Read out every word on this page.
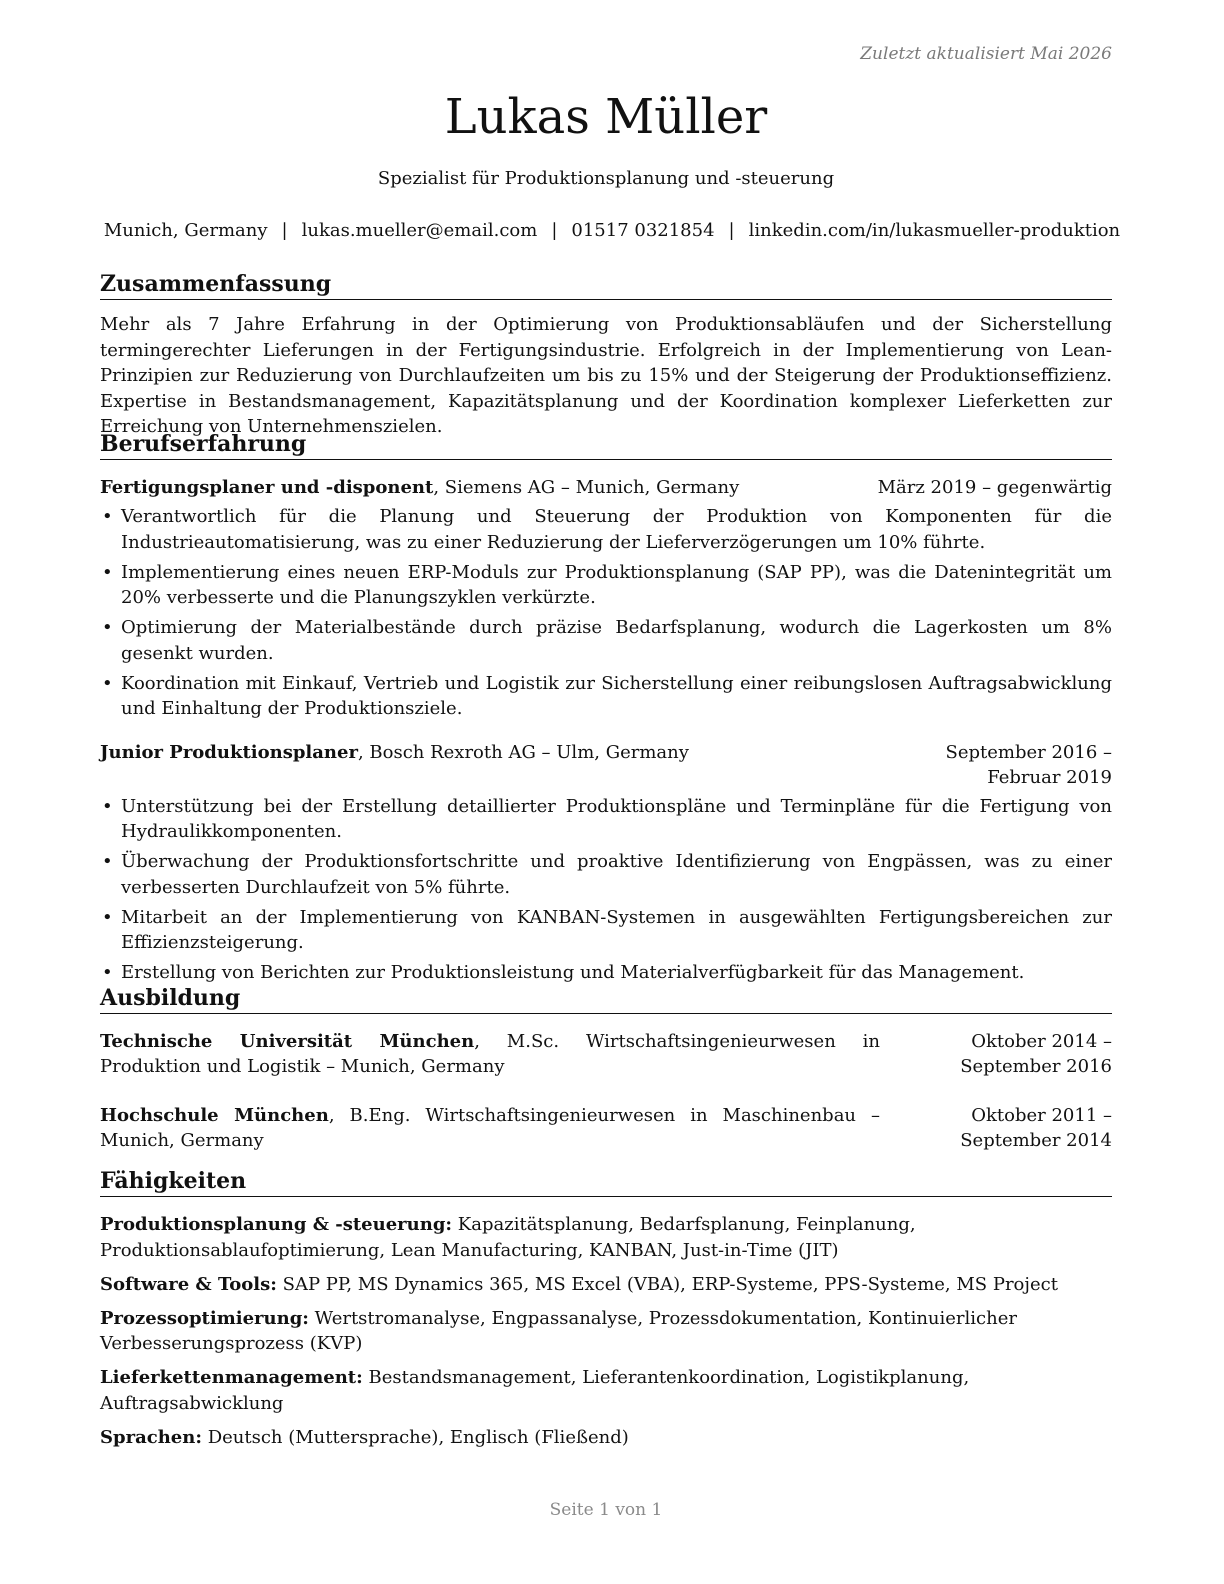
Zuletzt aktualisiert Mai 2026
Lukas Müller
Spezialist für Produktionsplanung und -steuerung
Munich, Germany | lukas.mueller@email.com | 01517 0321854 | linkedin.com/in/lukasmueller-produktion
Zusammenfassung

Mehr als 7 Jahre Erfahrung in der Optimierung von Produktionsabläufen und der Sicherstellung termingerechter Lieferungen in der Fertigungsindustrie. Erfolgreich in der Implementierung von Lean-Prinzipien zur Reduzierung von Durchlaufzeiten um bis zu 15% und der Steigerung der Produktionseffizienz. Expertise in Bestandsmanagement, Kapazitätsplanung und der Koordination komplexer Lieferketten zur Erreichung von Unternehmenszielen.

Berufserfahrung
Fertigungsplaner und -disponent, Siemens AG – Munich, Germany	März 2019 – gegenwärtig
• Verantwortlich für die Planung und Steuerung der Produktion von Komponenten für die Industrieautomatisierung, was zu einer Reduzierung der Lieferverzögerungen um 10% führte.
• Implementierung eines neuen ERP-Moduls zur Produktionsplanung (SAP PP), was die Datenintegrität um 20% verbesserte und die Planungszyklen verkürzte.
• Optimierung der Materialbestände durch präzise Bedarfsplanung, wodurch die Lagerkosten um 8% gesenkt wurden.
• Koordination mit Einkauf, Vertrieb und Logistik zur Sicherstellung einer reibungslosen Auftragsabwicklung und Einhaltung der Produktionsziele.
Junior Produktionsplaner, Bosch Rexroth AG – Ulm, Germany	September 2016 – Februar 2019
• Unterstützung bei der Erstellung detaillierter Produktionspläne und Terminpläne für die Fertigung von Hydraulikkomponenten.
• Überwachung der Produktionsfortschritte und proaktive Identifizierung von Engpässen, was zu einer verbesserten Durchlaufzeit von 5% führte.
• Mitarbeit an der Implementierung von KANBAN-Systemen in ausgewählten Fertigungsbereichen zur Effizienzsteigerung.
• Erstellung von Berichten zur Produktionsleistung und Materialverfügbarkeit für das Management.
Ausbildung
Technische Universität München, M.Sc. Wirtschaftsingenieurwesen in Produktion und Logistik – Munich, Germany
Oktober 2014 – September 2016
Hochschule München, B.Eng. Wirtschaftsingenieurwesen in Maschinenbau – Munich, Germany
Oktober 2011 – September 2014
Fähigkeiten

Produktionsplanung & -steuerung: Kapazitätsplanung, Bedarfsplanung, Feinplanung, Produktionsablaufoptimierung, Lean Manufacturing, KANBAN, Just-in-Time (JIT)

Software & Tools: SAP PP, MS Dynamics 365, MS Excel (VBA), ERP-Systeme, PPS-Systeme, MS Project

Prozessoptimierung: Wertstromanalyse, Engpassanalyse, Prozessdokumentation, Kontinuierlicher Verbesserungsprozess (KVP)

Lieferkettenmanagement: Bestandsmanagement, Lieferantenkoordination, Logistikplanung, Auftragsabwicklung

Sprachen: Deutsch (Muttersprache), Englisch (Fließend)

Seite 1 von 1
